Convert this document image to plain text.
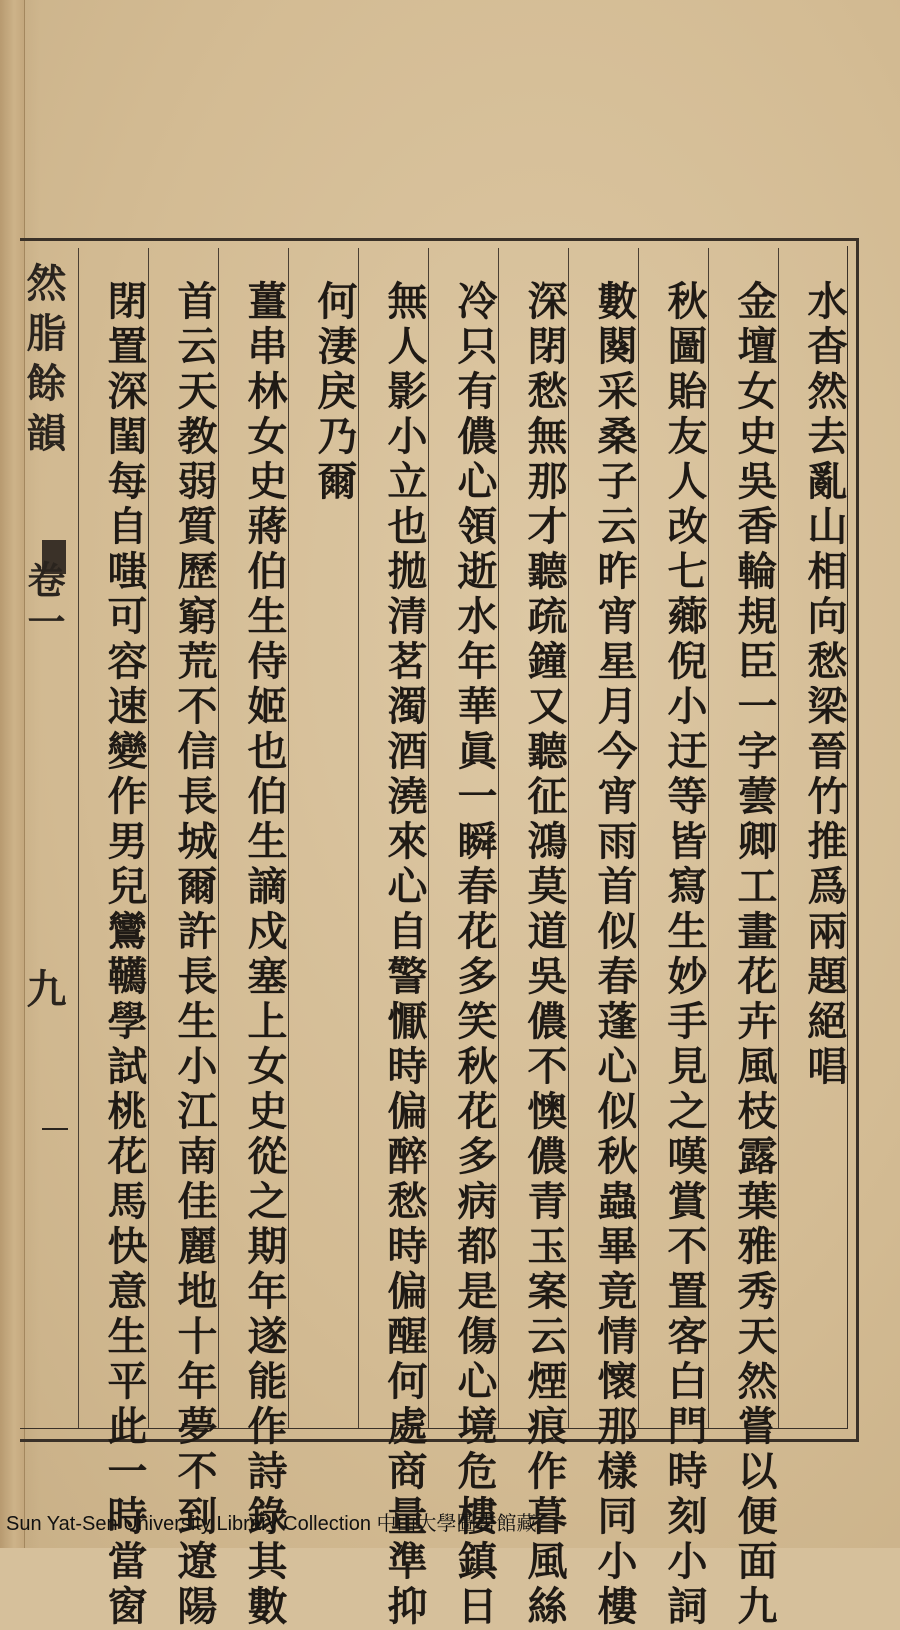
然脂餘韻
卷一
九	水杳然去亂山相向愁梁晉竹推爲兩題絕唱
金壇女史吳香輪規臣一字蕓卿工畫花卉風枝露葉雅秀天然嘗以便面九
秋圖貽友人改七薌倪小迂等皆寫生妙手見之嘆賞不置客白門時刻小詞
數闋采桑子云昨宵星月今宵雨首似春蓬心似秋蟲畢竟情懷那樣同小樓
深閉愁無那才聽疏鐘又聽征鴻莫道吳儂不懊儂青玉案云煙痕作暮風絲
冷只有儂心領逝水年華眞一瞬春花多笑秋花多病都是傷心境危樓鎮日
無人影小立也拋清茗濁酒澆來心自警懨時偏醉愁時偏醒何處商量準抑
何淒戾乃爾
薑串林女史蔣伯生侍姬也伯生謫戍塞上女史從之期年遂能作詩錄其數
首云天教弱質歷窮荒不信長城爾許長生小江南佳麗地十年夢不到遼陽
閉置深閨每自嗤可容速變作男兒鸞韉學試桃花馬快意生平此一時當窗
Sun Yat-Sen University Library Collection 中山大學圖書館藏
